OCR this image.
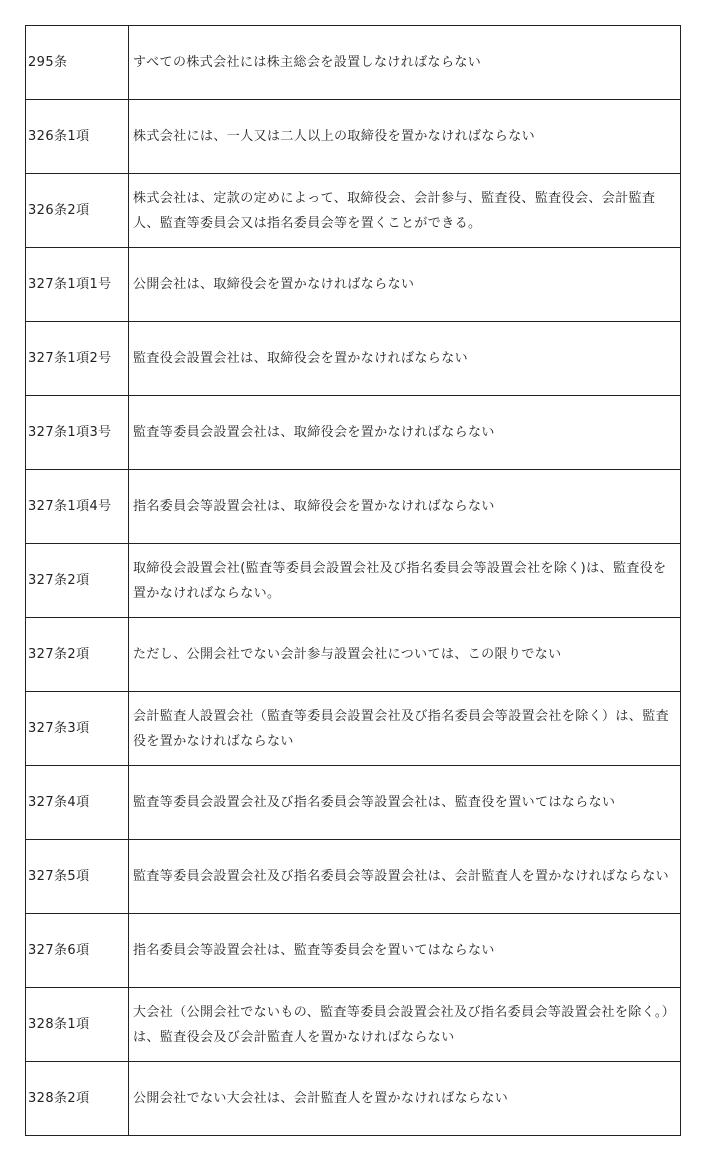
295条	すべての株式会社には株主総会を設置しなければならない
326条1項	株式会社には、一人又は二人以上の取締役を置かなければならない
326条2項	株式会社は、定款の定めによって、取締役会、会計参与、監査役、監査役会、会計監査人、監査等委員会又は指名委員会等を置くことができる。
327条1項1号	公開会社は、取締役会を置かなければならない
327条1項2号	監査役会設置会社は、取締役会を置かなければならない
327条1項3号	監査等委員会設置会社は、取締役会を置かなければならない
327条1項4号	指名委員会等設置会社は、取締役会を置かなければならない
327条2項	取締役会設置会社(監査等委員会設置会社及び指名委員会等設置会社を除く)は、監査役を置かなければならない。
327条2項	ただし、公開会社でない会計参与設置会社については、この限りでない
327条3項	会計監査人設置会社（監査等委員会設置会社及び指名委員会等設置会社を除く）は、監査役を置かなければならない
327条4項	監査等委員会設置会社及び指名委員会等設置会社は、監査役を置いてはならない
327条5項	監査等委員会設置会社及び指名委員会等設置会社は、会計監査人を置かなければならない
327条6項	指名委員会等設置会社は、監査等委員会を置いてはならない
328条1項	大会社（公開会社でないもの、監査等委員会設置会社及び指名委員会等設置会社を除く。）は、監査役会及び会計監査人を置かなければならない
328条2項	公開会社でない大会社は、会計監査人を置かなければならない
